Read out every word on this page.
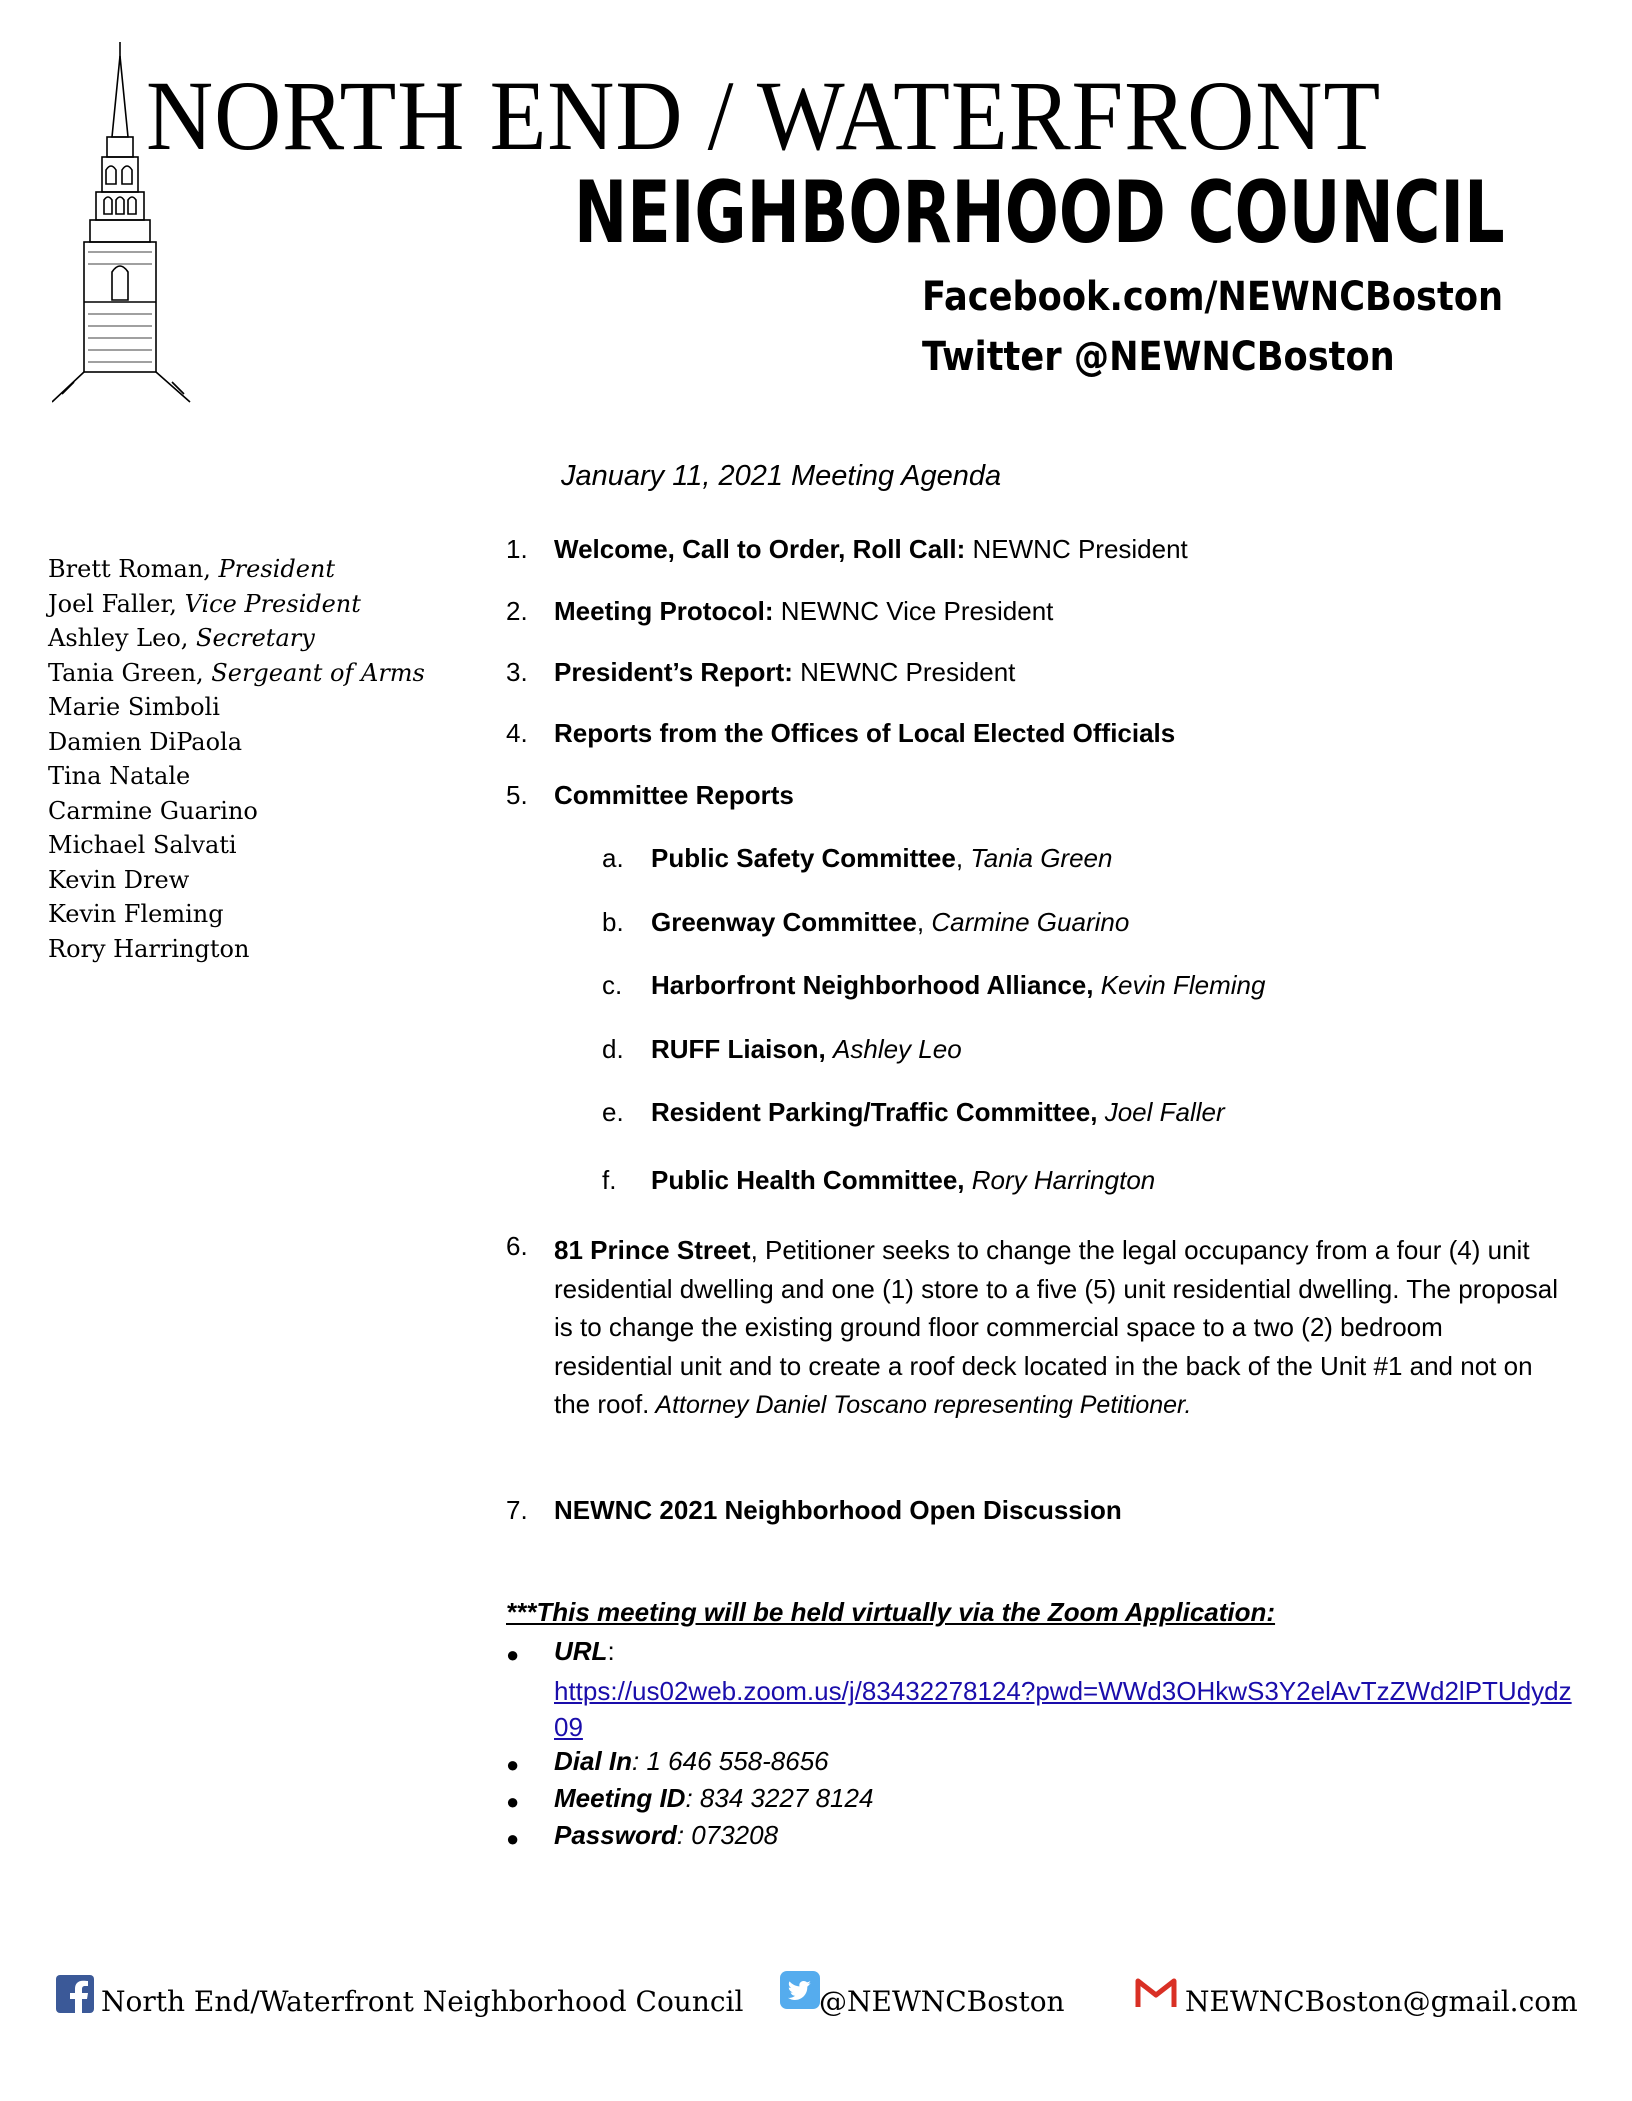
NORTH END / WATERFRONT
NEIGHBORHOOD COUNCIL
Facebook.com/NEWNCBoston
Twitter @NEWNCBoston
January 11, 2021 Meeting Agenda
Brett Roman, President
Joel Faller, Vice President
Ashley Leo, Secretary
Tania Green, Sergeant of Arms
Marie Simboli
Damien DiPaola
Tina Natale
Carmine Guarino
Michael Salvati
Kevin Drew
Kevin Fleming
Rory Harrington
1. Welcome, Call to Order, Roll Call: NEWNC President
2. Meeting Protocol: NEWNC Vice President
3. President’s Report: NEWNC President
4. Reports from the Offices of Local Elected Officials
5. Committee Reports
a. Public Safety Committee, Tania Green
b. Greenway Committee, Carmine Guarino
c. Harborfront Neighborhood Alliance, Kevin Fleming
d. RUFF Liaison, Ashley Leo
e. Resident Parking/Traffic Committee, Joel Faller
f. Public Health Committee, Rory Harrington
6. 81 Prince Street, Petitioner seeks to change the legal occupancy from a four (4) unit residential dwelling and one (1) store to a five (5) unit residential dwelling. The proposal is to change the existing ground floor commercial space to a two (2) bedroom residential unit and to create a roof deck located in the back of the Unit #1 and not on the roof. Attorney Daniel Toscano representing Petitioner.
7. NEWNC 2021 Neighborhood Open Discussion
***This meeting will be held virtually via the Zoom Application:
● URL:
https://us02web.zoom.us/j/83432278124?pwd=WWd3OHkwS3Y2elAvTzZWd2lPTUdydz09
● Dial In: 1 646 558-8656
● Meeting ID: 834 3227 8124
● Password: 073208
North End/Waterfront Neighborhood Council	@NEWNCBoston	NEWNCBoston@gmail.com
